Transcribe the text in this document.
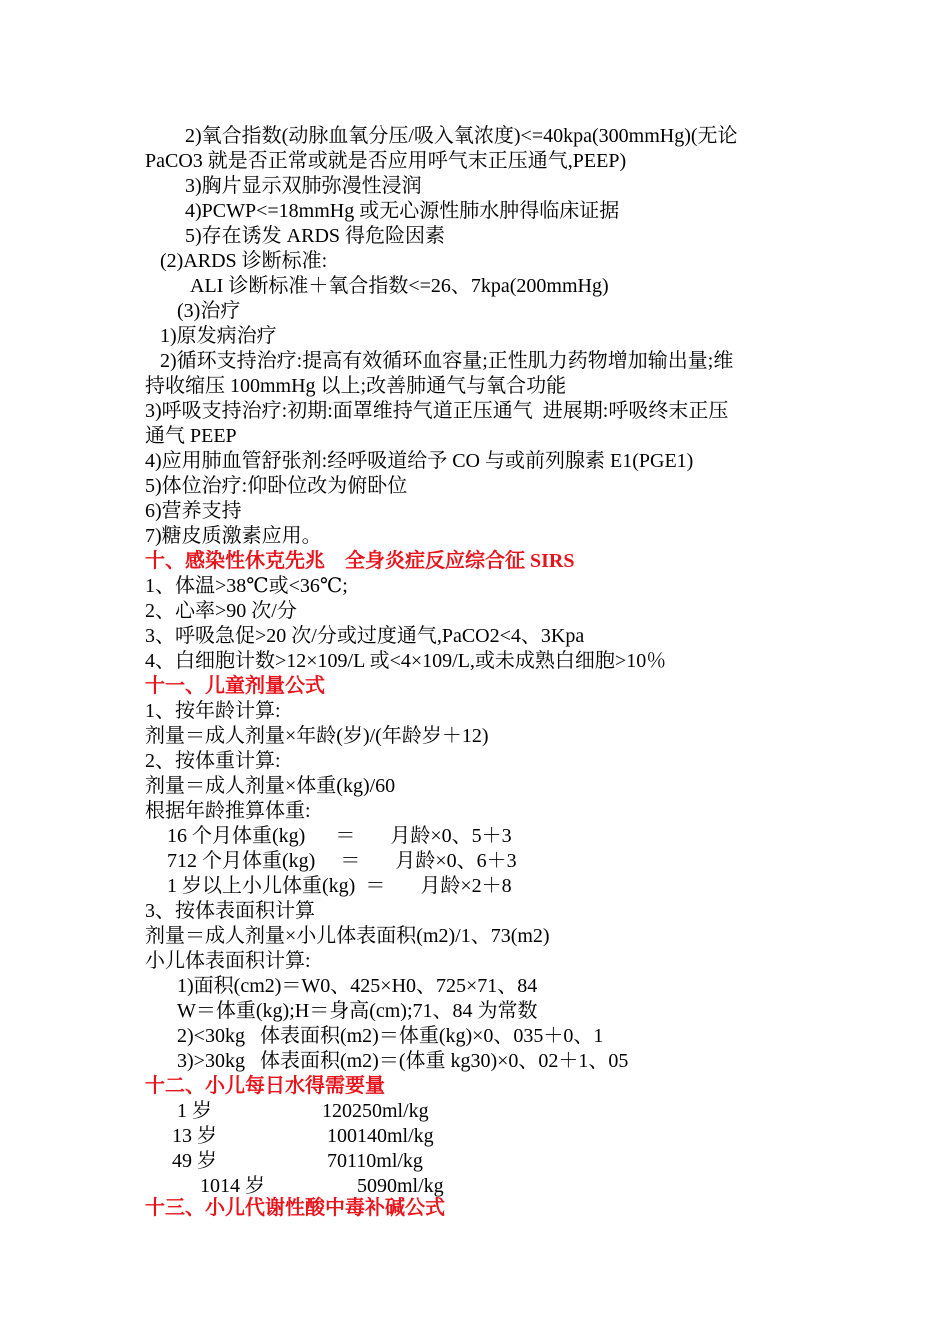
2)氧合指数(动脉血氧分压/吸入氧浓度)<=40kpa(300mmHg)(无论
PaCO3 就是否正常或就是否应用呼气末正压通气,PEEP)
3)胸片显示双肺弥漫性浸润
4)PCWP<=18mmHg 或无心源性肺水肿得临床证据
5)存在诱发 ARDS 得危险因素
(2)ARDS 诊断标准:
ALI 诊断标准＋氧合指数<=26、7kpa(200mmHg)
(3)治疗
1)原发病治疗
2)循环支持治疗:提高有效循环血容量;正性肌力药物增加输出量;维
持收缩压 100mmHg 以上;改善肺通气与氧合功能
3)呼吸支持治疗:初期:面罩维持气道正压通气  进展期:呼吸终末正压
通气 PEEP
4)应用肺血管舒张剂:经呼吸道给予 CO 与或前列腺素 E1(PGE1)
5)体位治疗:仰卧位改为俯卧位
6)营养支持
7)糖皮质激素应用。
十、感染性休克先兆    全身炎症反应综合征 SIRS
1、体温>38℃或<36℃;
2、心率>90 次/分
3、呼吸急促>20 次/分或过度通气,PaCO2<4、3Kpa
4、白细胞计数>12×109/L 或<4×109/L,或未成熟白细胞>10％
十一、儿童剂量公式
1、按年龄计算:
剂量＝成人剂量×年龄(岁)/(年龄岁＋12)
2、按体重计算:
剂量＝成人剂量×体重(kg)/60
根据年龄推算体重:
16 个月体重(kg)      ＝       月龄×0、5＋3
712 个月体重(kg)     ＝       月龄×0、6＋3
1 岁以上小儿体重(kg)  ＝       月龄×2＋8
3、按体表面积计算
剂量＝成人剂量×小儿体表面积(m2)/1、73(m2)
小儿体表面积计算:
1)面积(cm2)＝W0、425×H0、725×71、84
W＝体重(kg);H＝身高(cm);71、84 为常数
2)<30kg   体表面积(m2)＝体重(kg)×0、035＋0、1
3)>30kg   体表面积(m2)＝(体重 kg30)×0、02＋1、05
十二、小儿每日水得需要量
1 岁	120250ml/kg
13 岁	100140ml/kg
49 岁	70110ml/kg
1014 岁	5090ml/kg
十三、小儿代谢性酸中毒补碱公式
